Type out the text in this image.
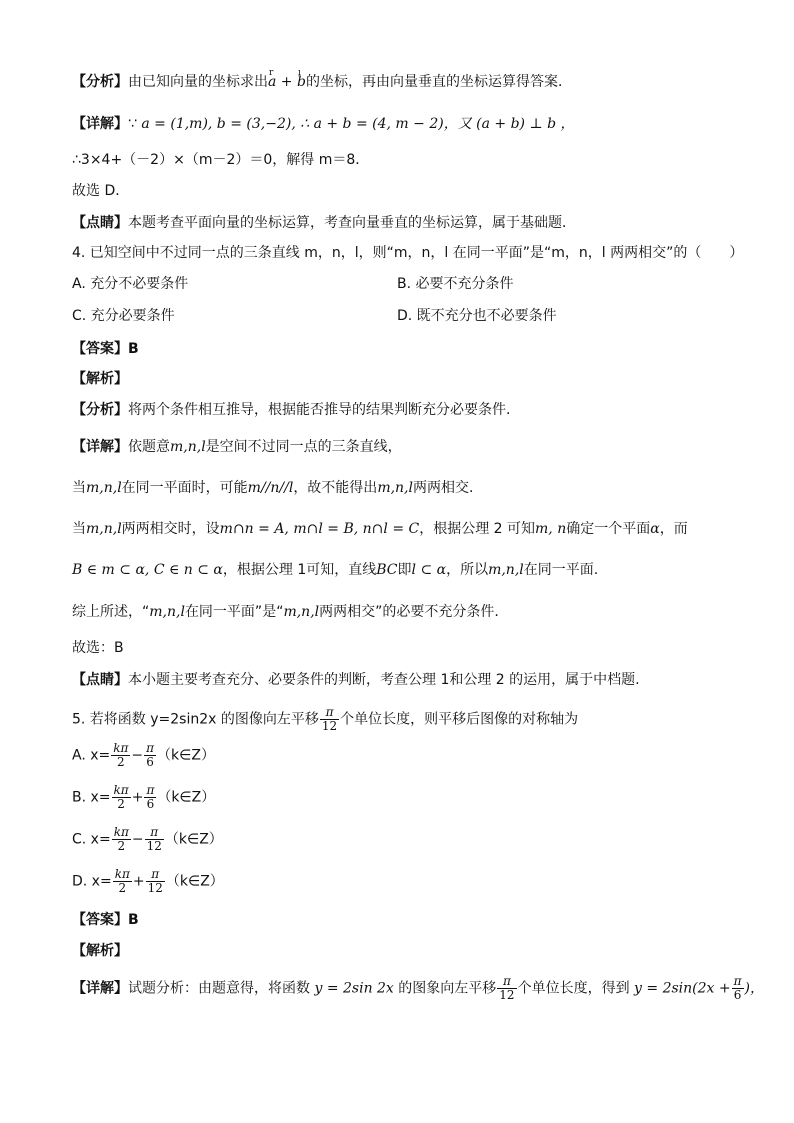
【分析】由已知向量的坐标求出r a + ı b的坐标，再由向量垂直的坐标运算得答案．
【详解】∵ a = (1,m), b = (3,−2), ∴ a + b = (4, m − 2)，又 (a + b) ⊥ b ，
∴3×4+（－2）×（m－2）＝0，解得 m＝8．
故选 D．
【点睛】本题考查平面向量的坐标运算，考查向量垂直的坐标运算，属于基础题．
4. 已知空间中不过同一点的三条直线 m，n，l，则“m，n，l 在同一平面”是“m，n，l 两两相交”的（　　）
A. 充分不必要条件	B. 必要不充分条件
C. 充分必要条件	D. 既不充分也不必要条件
【答案】B
【解析】
【分析】将两个条件相互推导，根据能否推导的结果判断充分必要条件.
【详解】依题意m,n,l是空间不过同一点的三条直线，
当m,n,l在同一平面时，可能m//n//l，故不能得出m,n,l两两相交.
当m,n,l两两相交时，设m∩n = A, m∩l = B, n∩l = C，根据公理 2 可知m, n确定一个平面α，而
B ∈ m ⊂ α, C ∈ n ⊂ α，根据公理 1可知，直线BC即l ⊂ α，所以m,n,l在同一平面.
综上所述，“m,n,l在同一平面”是“m,n,l两两相交”的必要不充分条件.
故选：B
【点睛】本小题主要考查充分、必要条件的判断，考查公理 1和公理 2 的运用，属于中档题.
5. 若将函数 y=2sin2x 的图像向左平移 $\frac{\pi}{12}$ 个单位长度，则平移后图像的对称轴为
A. $x= \frac{k\pi}{2} - \frac{\pi}{6}$ （k∈Z）
B. $x= \frac{k\pi}{2} + \frac{\pi}{6}$ （k∈Z）
C. $x= \frac{k\pi}{2} - \frac{\pi}{12}$ （k∈Z）
D. $x= \frac{k\pi}{2} + \frac{\pi}{12}$ （k∈Z）
【答案】B
【解析】
【详解】试题分析：由题意得，将函数 y = 2sin 2x 的图象向左平移 $\frac{\pi}{12}$ 个单位长度，得到 $y = 2\sin(2x + \frac{\pi}{6}$ )，
